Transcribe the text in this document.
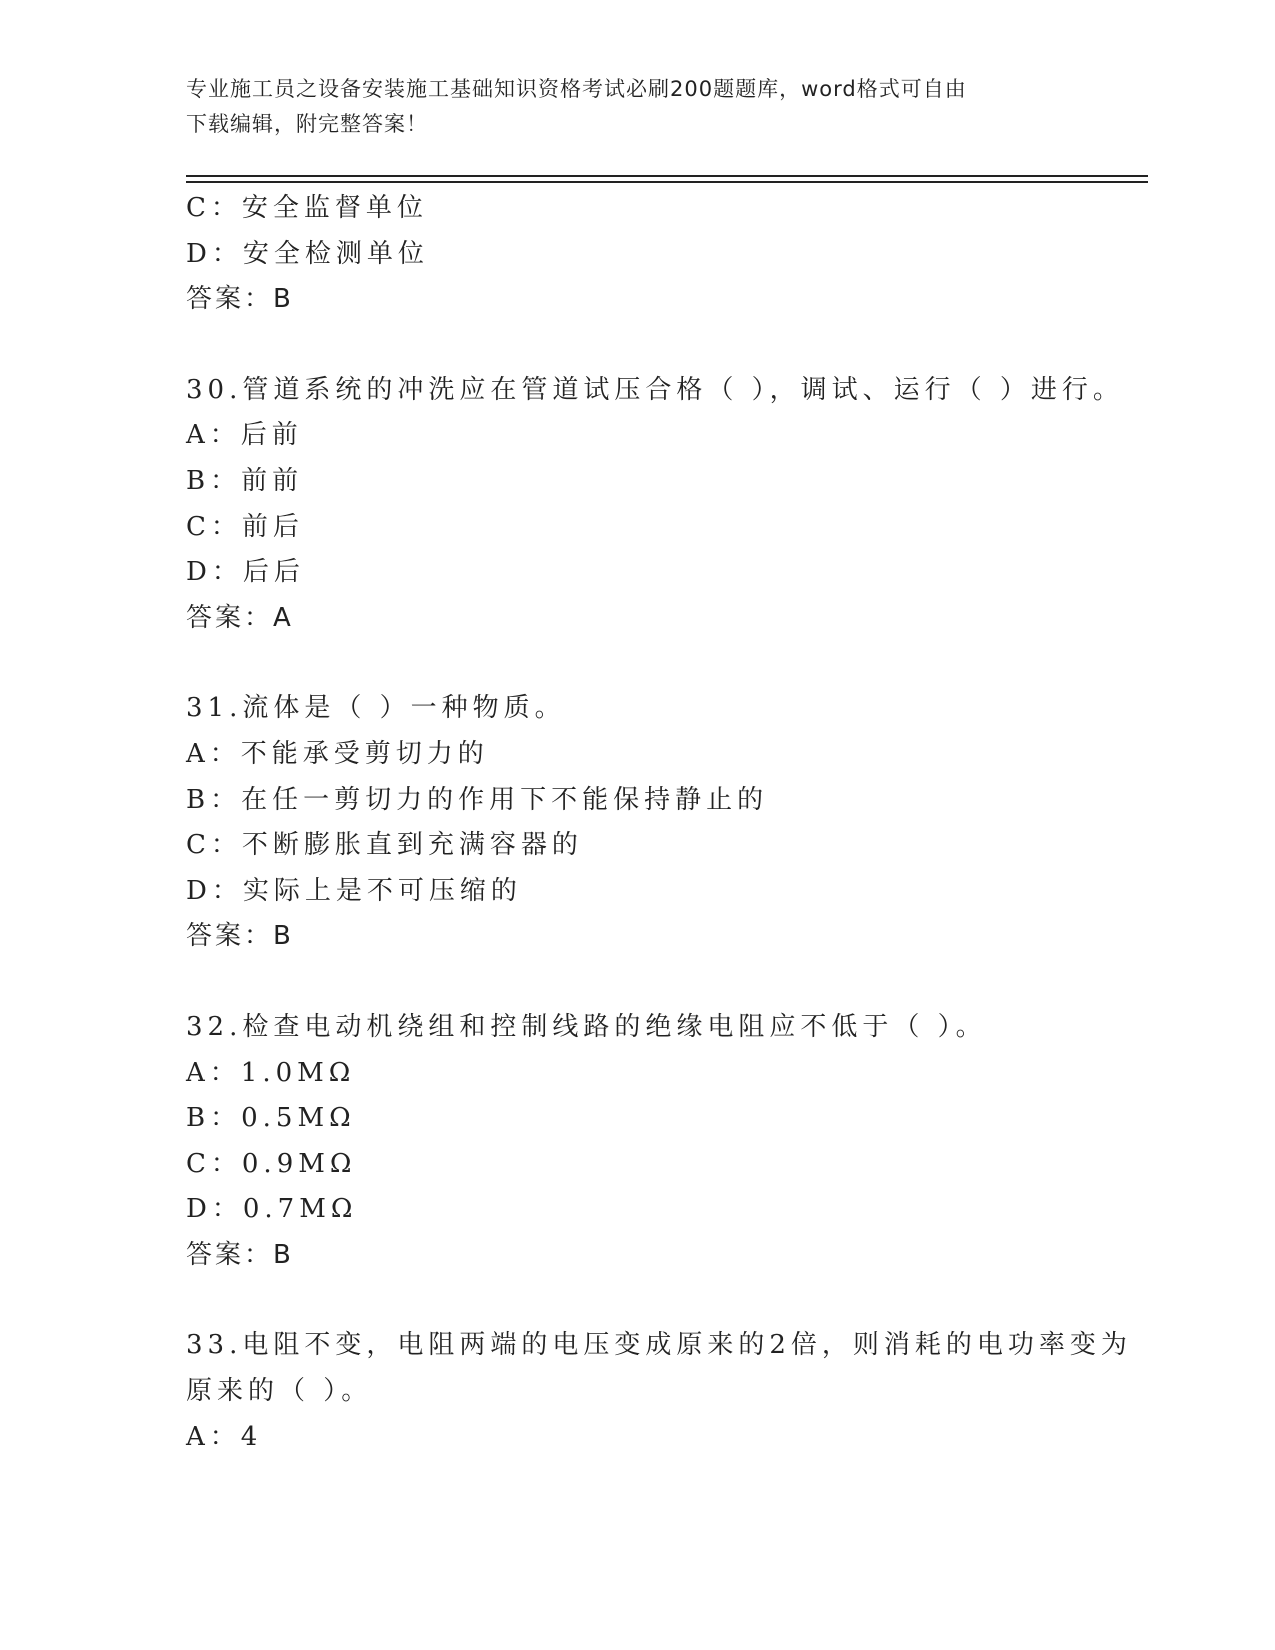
专业施工员之设备安装施工基础知识资格考试必刷200题题库，word格式可自由
下载编辑，附完整答案！
C：安全监督单位
D：安全检测单位
答案：B
30.管道系统的冲洗应在管道试压合格（ ），调试、运行（ ）进行。
A：后前
B：前前
C：前后
D：后后
答案：A
31.流体是（ ）一种物质。
A：不能承受剪切力的
B：在任一剪切力的作用下不能保持静止的
C：不断膨胀直到充满容器的
D：实际上是不可压缩的
答案：B
32.检查电动机绕组和控制线路的绝缘电阻应不低于（ ）。
A：1.0MΩ
B：0.5MΩ
C：0.9MΩ
D：0.7MΩ
答案：B
33.电阻不变，电阻两端的电压变成原来的2倍，则消耗的电功率变为
原来的（ ）。
A：4
